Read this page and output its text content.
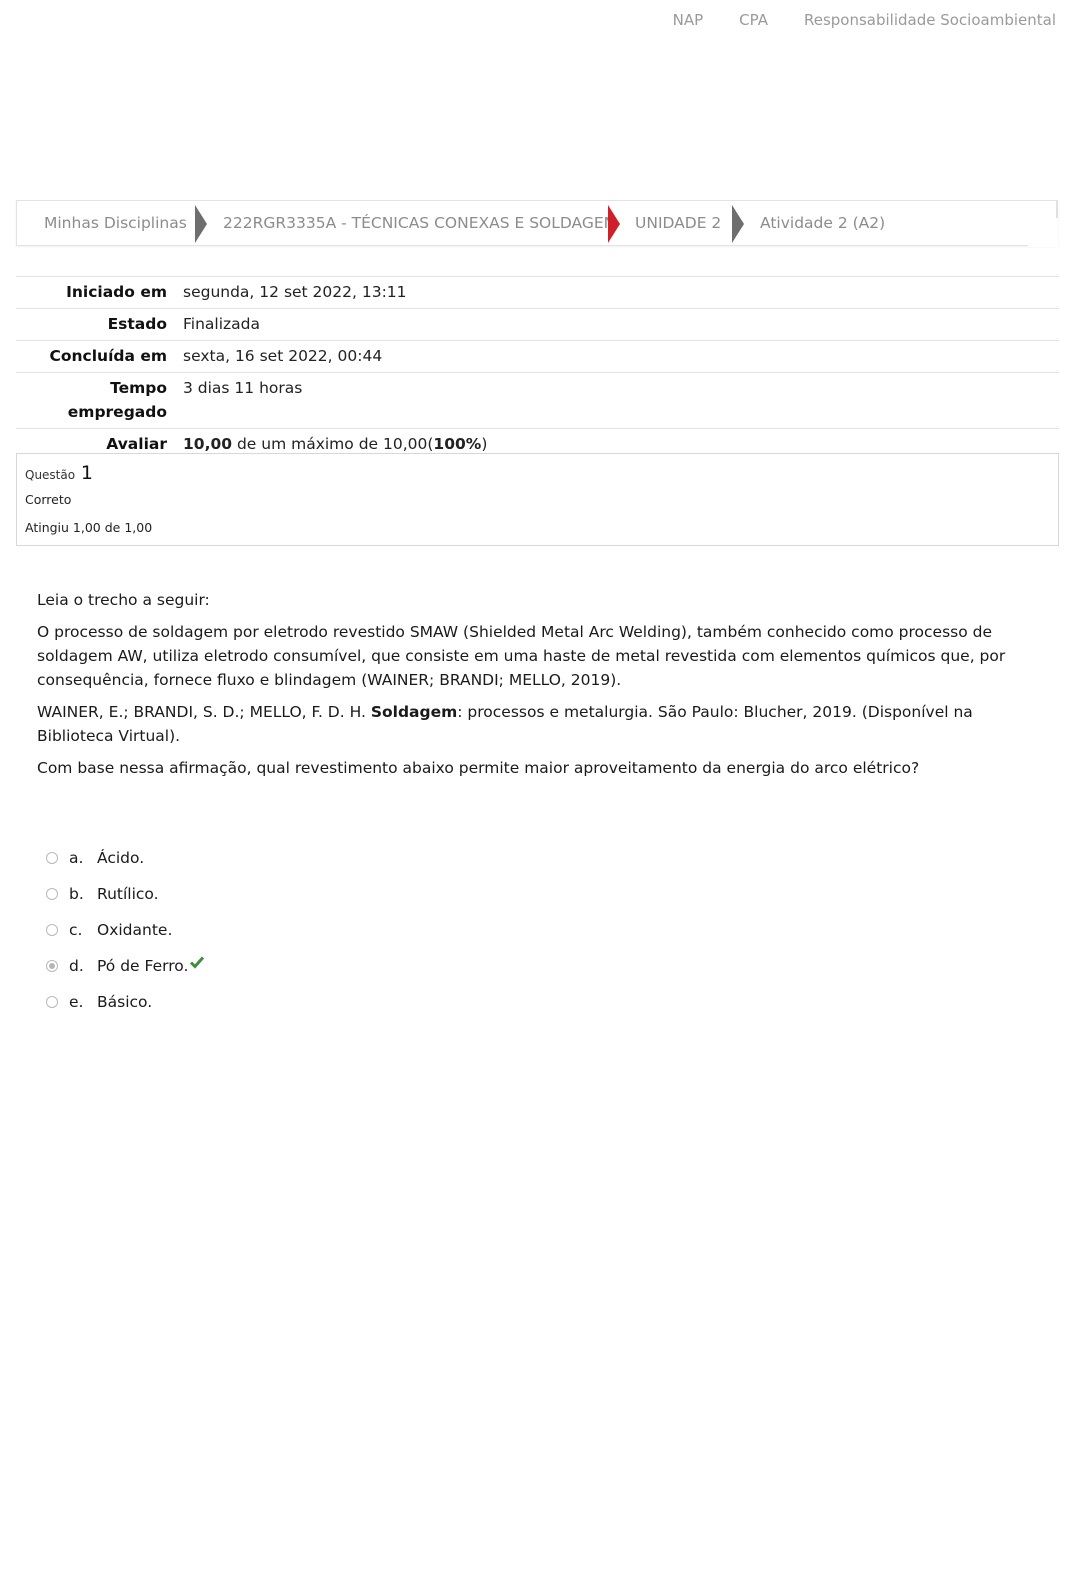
NAP CPA Responsabilidade Socioambiental
Minhas Disciplinas 222RGR3335A - TÉCNICAS CONEXAS E SOLDAGEM UNIDADE 2 Atividade 2 (A2)
Iniciado em	segunda, 12 set 2022, 13:11
Estado	Finalizada
Concluída em	sexta, 16 set 2022, 00:44
Tempo
empregado	3 dias 11 horas
Avaliar	10,00 de um máximo de 10,00(100%)
Questão 1
Correto
Atingiu 1,00 de 1,00

Leia o trecho a seguir:

O processo de soldagem por eletrodo revestido SMAW (Shielded Metal Arc Welding), também conhecido como processo de soldagem AW, utiliza eletrodo consumível, que consiste em uma haste de metal revestida com elementos químicos que, por consequência, fornece fluxo e blindagem (WAINER; BRANDI; MELLO, 2019).

WAINER, E.; BRANDI, S. D.; MELLO, F. D. H. Soldagem: processos e metalurgia. São Paulo: Blucher, 2019. (Disponível na Biblioteca Virtual).

Com base nessa afirmação, qual revestimento abaixo permite maior aproveitamento da energia do arco elétrico?

a. Ácido.
b. Rutílico.
c. Oxidante.
d. Pó de Ferro.
e. Básico.
